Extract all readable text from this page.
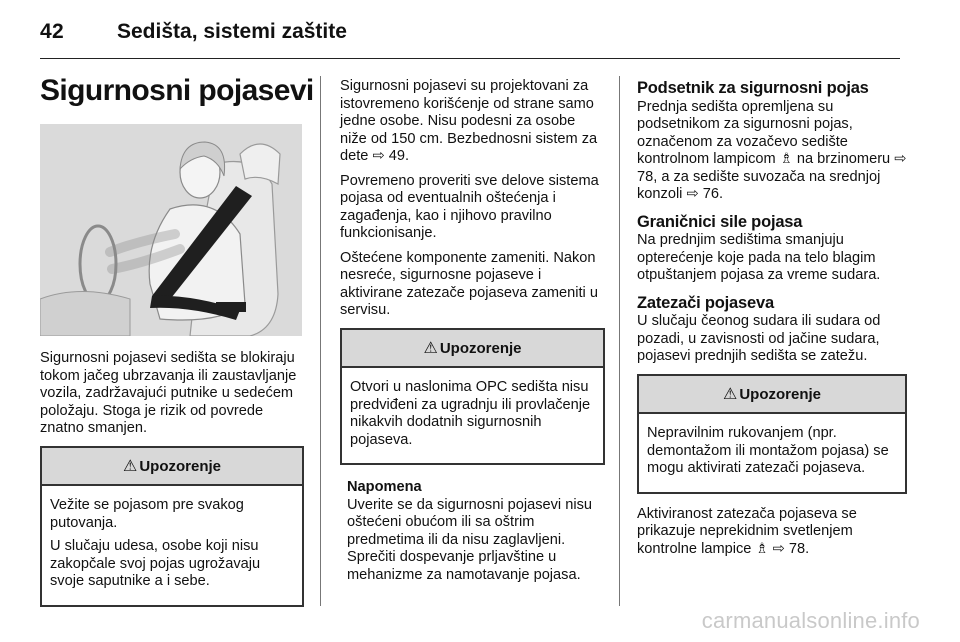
42	Sedišta, sistemi zaštite
Sigurnosni pojasevi

Sigurnosni pojasevi sedišta se blokiraju tokom jačeg ubrzavanja ili zaustavljanje vozila, zadržavajući putnike u sedećem položaju. Stoga je rizik od povrede znatno smanjen.

⚠ Upozorenje

Vežite se pojasom pre svakog putovanja.

U slučaju udesa, osobe koji nisu zakopčale svoj pojas ugrožavaju svoje saputnike a i sebe.

Sigurnosni pojasevi su projektovani za istovremeno korišćenje od strane samo jedne osobe. Nisu podesni za osobe niže od 150 cm. Bezbednosni sistem za dete ⇨ 49.

Povremeno proveriti sve delove sistema pojasa od eventualnih oštećenja i zagađenja, kao i njihovo pravilno funkcionisanje.

Oštećene komponente zameniti. Nakon nesreće, sigurnosne pojaseve i aktivirane zatezače pojaseva zameniti u servisu.

⚠ Upozorenje

Otvori u naslonima OPC sedišta nisu predviđeni za ugradnju ili provlačenje nikakvih dodatnih sigurnosnih pojaseva.

Napomena
Uverite se da sigurnosni pojasevi nisu oštećeni obućom ili sa oštrim predmetima ili da nisu zaglavljeni. Sprečiti dospevanje prljavštine u mehanizme za namotavanje pojasa.
Podsetnik za sigurnosni pojas

Prednja sedišta opremljena su podsetnikom za sigurnosni pojas, označenom za vozačevo sedište kontrolnom lampicom ♗ na brzinomeru ⇨ 78, a za sedište suvozača na srednjoj konzoli ⇨ 76.

Graničnici sile pojasa

Na prednjim sedištima smanjuju opterećenje koje pada na telo blagim otpuštanjem pojasa za vreme sudara.

Zatezači pojaseva

U slučaju čeonog sudara ili sudara od pozadi, u zavisnosti od jačine sudara, pojasevi prednjih sedišta se zatežu.

⚠ Upozorenje

Nepravilnim rukovanjem (npr. demontažom ili montažom pojasa) se mogu aktivirati zatezači pojaseva.

Aktiviranost zatezača pojaseva se prikazuje neprekidnim svetlenjem kontrolne lampice ♗ ⇨ 78.

carmanualsonline.info
